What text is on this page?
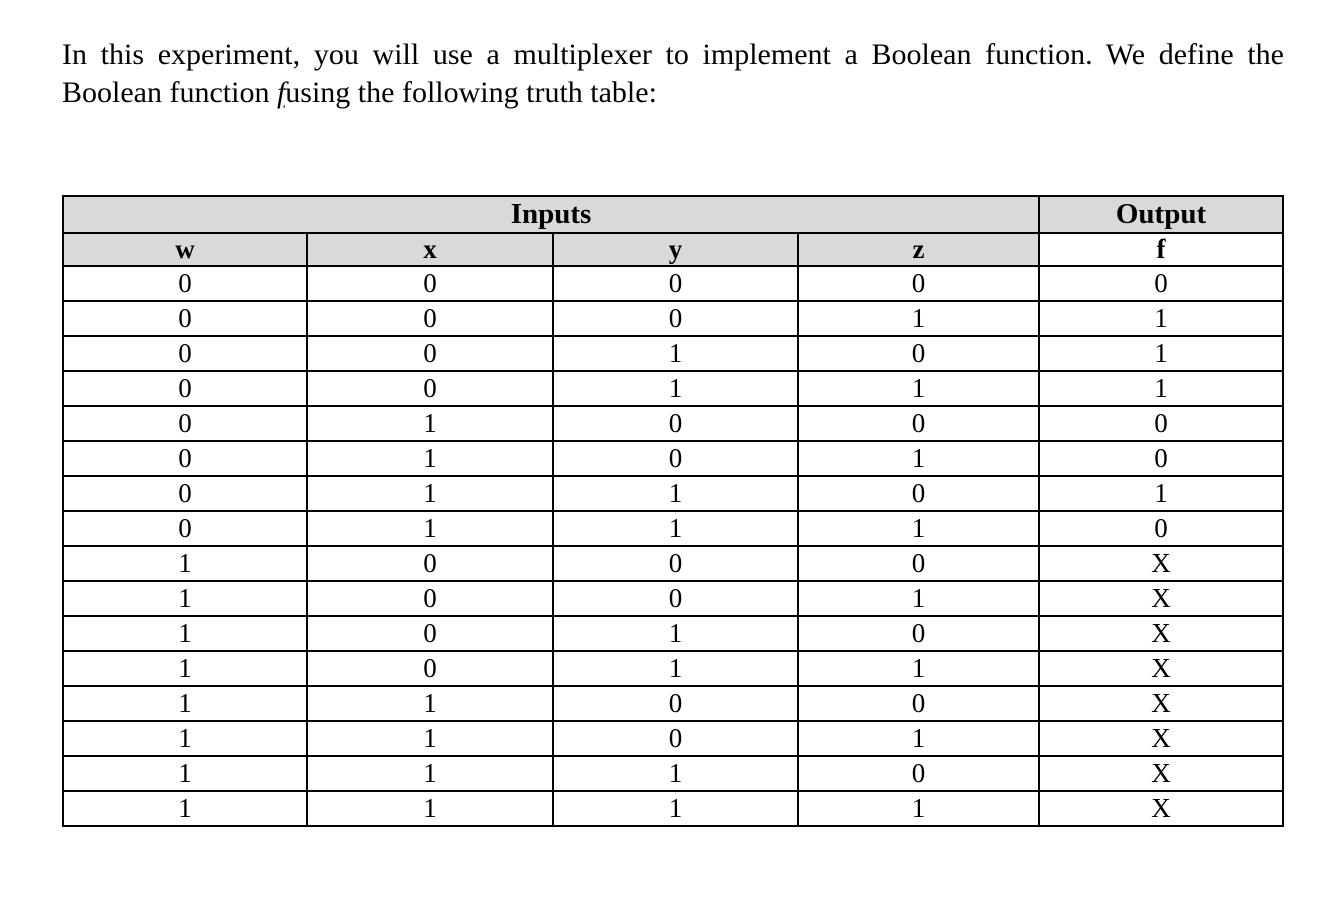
In this experiment, you will use a multiplexer to implement a Boolean function. We define the Boolean function fusing the following truth table:
Inputs				Output
w	x	y	z	f
0	0	0	0	0
0	0	0	1	1
0	0	1	0	1
0	0	1	1	1
0	1	0	0	0
0	1	0	1	0
0	1	1	0	1
0	1	1	1	0
1	0	0	0	X
1	0	0	1	X
1	0	1	0	X
1	0	1	1	X
1	1	0	0	X
1	1	0	1	X
1	1	1	0	X
1	1	1	1	X
